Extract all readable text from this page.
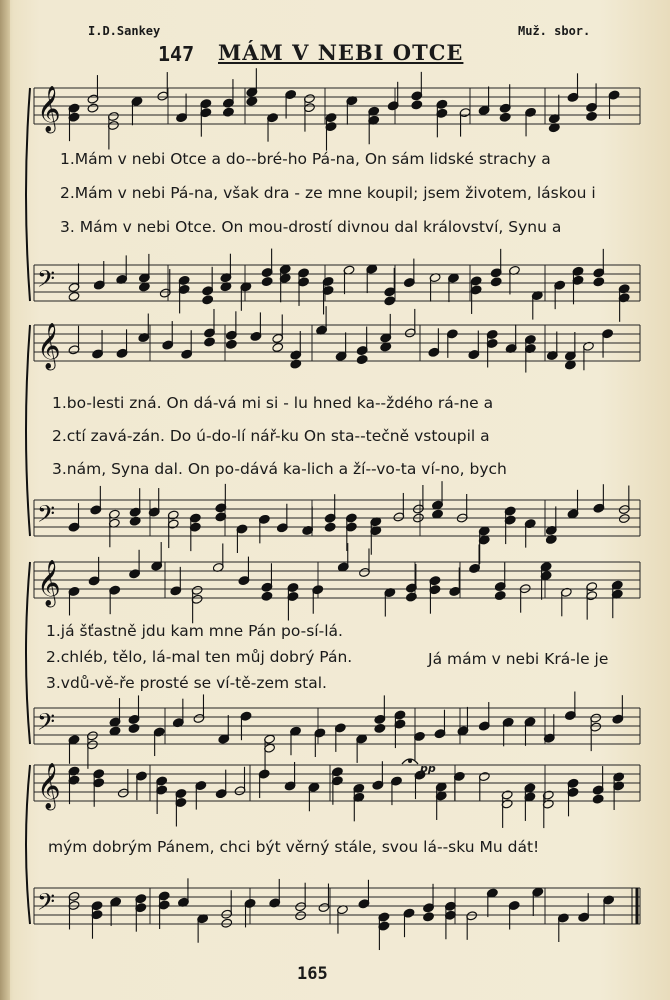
I.D.Sankey
147 MÁM V NEBI OTCE
Muž. sbor.
𝄞
𝄢
𝄞
𝄢
𝄞
𝄢
𝄞
𝄢
1.Mám v nebi Otce a do--bré-ho Pá-na, On sám lidské strachy a
2.Mám v nebi Pá-na, však dra - ze mne koupil; jsem životem, láskou i
3. Mám v nebi Otce. On mou-drostí divnou dal království, Synu a
1.bo-lesti zná. On dá-vá mi si - lu hned ka--ždého rá-ne a
2.ctí zavá-zán. Do ú-do-lí nář-ku On sta--tečně vstoupil a
3.nám, Syna dal. On po-dává ka-lich a ží--vo-ta ví-no, bych
1.já šťastně jdu kam mne Pán po-sí-lá.
2.chléb, tělo, lá-mal ten můj dobrý Pán.
3.vdů-vě-ře prosté se ví-tě-zem stal.
Já mám v nebi Krá-le je
mým dobrým Pánem, chci být věrný stále, svou lá--sku Mu dát!
pp
165
